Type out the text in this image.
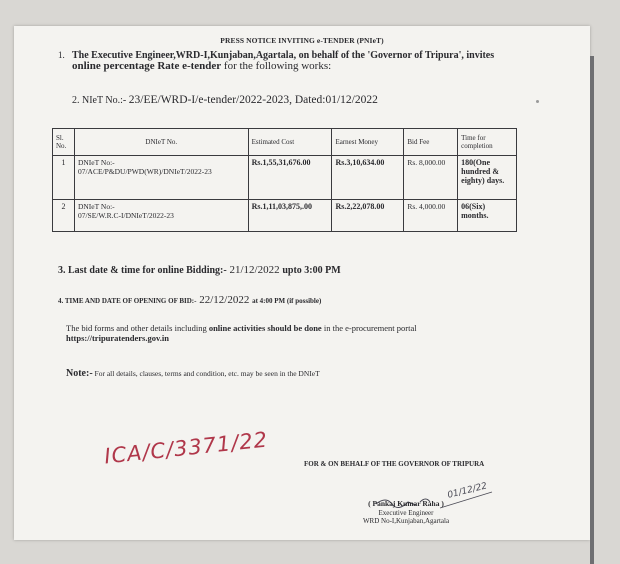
PRESS NOTICE INVITING e-TENDER (PNIeT)
1. The Executive Engineer,WRD-I,Kunjaban,Agartala, on behalf of the 'Governor of Tripura', invites
online percentage Rate e-tender for the following works:
2. NIeT No.:- 23/EE/WRD-I/e-tender/2022-2023, Dated:01/12/2022
Sl. No.	DNIeT No.	Estimated Cost	Earnest Money	Bid Fee	Time for completion
1	DNIeT No:-
07/ACE/P&DU/PWD(WR)/DNIeT/2022-23	Rs.1,55,31,676.00	Rs.3,10,634.00	Rs. 8,000.00	180(One hundred & eighty) days.
2	DNIeT No:-
07/SE/W.R.C-I/DNIeT/2022-23	Rs.1,11,03,875,.00	Rs.2,22,078.00	Rs. 4,000.00	06(Six) months.
3. Last date & time for online Bidding:- 21/12/2022 upto 3:00 PM
4. TIME AND DATE OF OPENING OF BID:- 22/12/2022 at 4:00 PM (if possible)
The bid forms and other details including online activities should be done in the e-procurement portal
https://tripuratenders.gov.in
Note:- For all details, clauses, terms and condition, etc. may be seen in the DNIeT
ICA/C/3371/22	FOR & ON BEHALF OF THE GOVERNOR OF TRIPURA
01/12/22
( Pankaj Kumar Raha )
Executive Engineer
WRD No-I,Kunjaban,Agartala
